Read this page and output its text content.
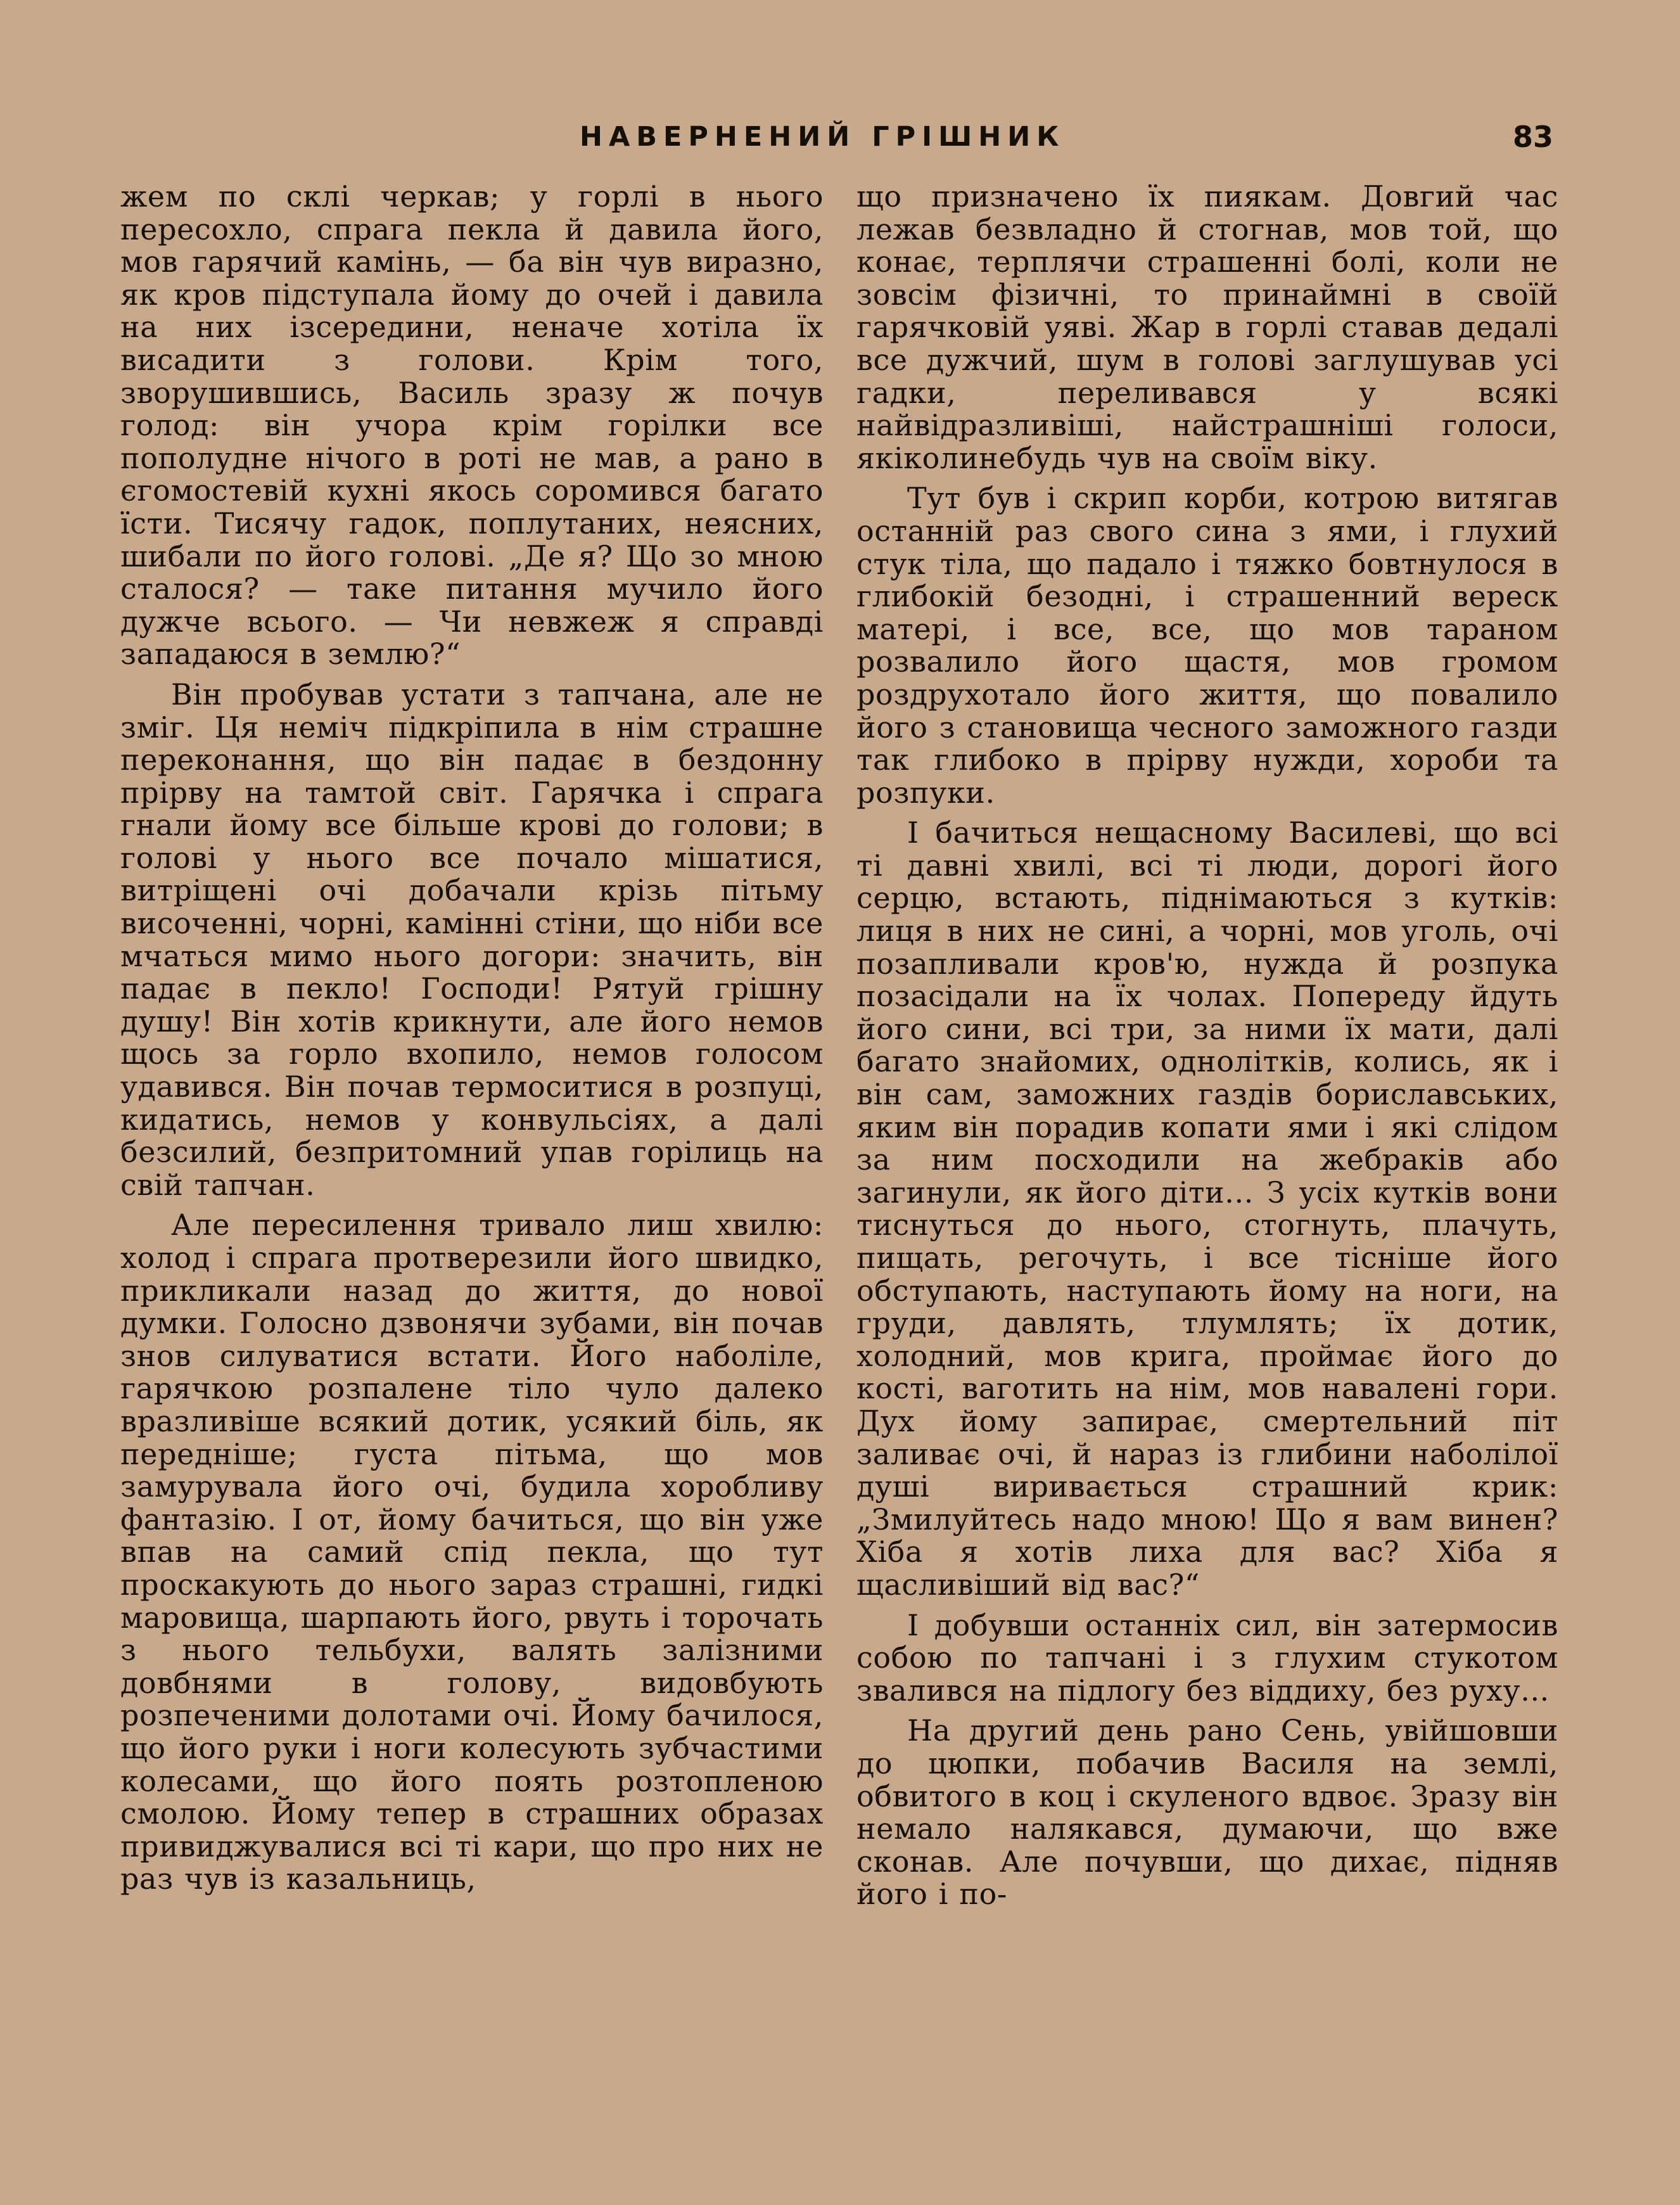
НАВЕРНЕНИЙ ГРІШНИК	83

жем по склі черкав; у горлі в нього пересохло, спрага пекла й давила його, мов гарячий камінь, — ба він чув виразно, як кров підступала йому до очей і давила на них ізсередини, неначе хотіла їх висадити з голови. Крім того, зворушившись, Василь зразу ж почув голод: він учора крім горілки все пополудне нічого в роті не мав, а рано в єгомостевій кухні якось соромився багато їсти. Тисячу гадок, поплутаних, неясних, шибали по його голові. „Де я? Що зо мною сталося? — таке питання мучило його дужче всього. — Чи невжеж я справді западаюся в землю?“

Він пробував устати з тапчана, але не зміг. Ця неміч підкріпила в нім страшне переконання, що він падає в бездонну прірву на тамтой світ. Гарячка і спрага гнали йому все більше крові до голови; в голові у нього все почало мішатися, витріщені очі добачали крізь пітьму височенні, чорні, камінні стіни, що ніби все мчаться мимо нього догори: значить, він падає в пекло! Господи! Рятуй грішну душу! Він хотів крикнути, але його немов щось за горло вхопило, немов голосом удавився. Він почав термоситися в розпуці, кидатись, немов у конвульсіях, а далі безсилий, безпритомний упав горілиць на свій тапчан.

Але пересилення тривало лиш хвилю: холод і спрага протверезили його швидко, прикликали назад до життя, до нової думки. Голосно дзвонячи зубами, він почав знов силуватися встати. Його наболіле, гарячкою розпалене тіло чуло далеко вразливіше всякий дотик, усякий біль, як передніше; густа пітьма, що мов замурувала його очі, будила хоробливу фантазію. І от, йому бачиться, що він уже впав на самий спід пекла, що тут проскакують до нього зараз страшні, гидкі маровища, шарпають його, рвуть і торочать з нього тельбухи, валять залізними довбнями в голову, видовбують розпеченими долотами очі. Йому бачилося, що його руки і ноги колесують зубчастими колесами, що його поять розтопленою смолою. Йому тепер в страшних образах привиджувалися всі ті кари, що про них не раз чув із казальниць,

що призначено їх пиякам. Довгий час лежав безвладно й стогнав, мов той, що конає, терплячи страшенні болі, коли не зовсім фізичні, то принаймні в своїй гарячковій уяві. Жар в горлі ставав дедалі все дужчий, шум в голові заглушував усі гадки, переливався у всякі найвідразливіші, найстрашніші голоси, якіколинебудь чув на своїм віку.

Тут був і скрип корби, котрою витягав останній раз свого сина з ями, і глухий стук тіла, що падало і тяжко бовтнулося в глибокій безодні, і страшенний вереск матері, і все, все, що мов тараном розвалило його щастя, мов громом роздрухотало його життя, що повалило його з становища чесного заможного газди так глибоко в прірву нужди, хороби та розпуки.

І бачиться нещасному Василеві, що всі ті давні хвилі, всі ті люди, дорогі його серцю, встають, піднімаються з кутків: лиця в них не сині, а чорні, мов уголь, очі позапливали кров'ю, нужда й розпука позасідали на їх чолах. Попереду йдуть його сини, всі три, за ними їх мати, далі багато знайомих, однолітків, колись, як і він сам, заможних газдів бориславських, яким він порадив копати ями і які слідом за ним посходили на жебраків або загинули, як його діти... З усіх кутків вони тиснуться до нього, стогнуть, плачуть, пищать, регочуть, і все тісніше його обступають, наступають йому на ноги, на груди, давлять, тлумлять; їх дотик, холодний, мов крига, проймає його до кості, ваготить на нім, мов навалені гори. Дух йому запирає, смертельний піт заливає очі, й нараз із глибини наболілої душі виривається страшний крик: „Змилуйтесь надо мною! Що я вам винен? Хіба я хотів лиха для вас? Хіба я щасливіший від вас?“

І добувши останніх сил, він затермосив собою по тапчані і з глухим стукотом звалився на підлогу без віддиху, без руху...

На другий день рано Сень, увійшовши до цюпки, побачив Василя на землі, обвитого в коц і скуленого вдвоє. Зразу він немало налякався, думаючи, що вже сконав. Але почувши, що дихає, підняв його і по-
